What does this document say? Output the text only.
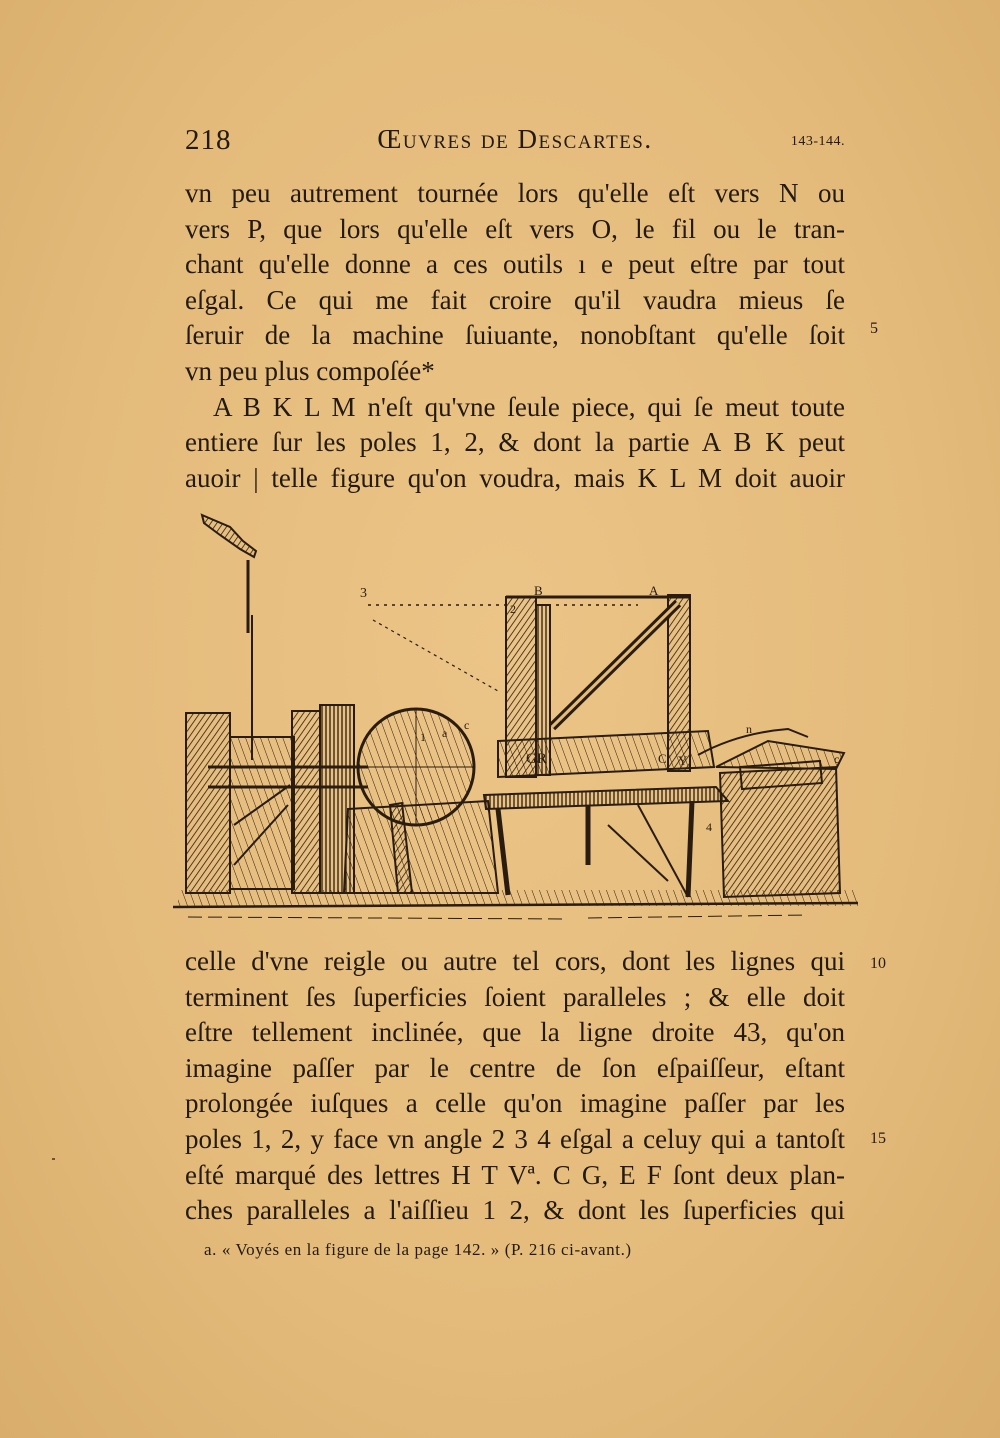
218	Œuvres de Descartes.	143-144.
vn peu autrement tournée lors qu'elle eſt vers N ou
vers P, que lors qu'elle eſt vers O, le fil ou le tran-
chant qu'elle donne a ces outils ı e peut eſtre par tout
eſgal. Ce qui me fait croire qu'il vaudra mieus ſe
ſeruir de la machine ſuiuante, nonobſtant qu'elle ſoit
vn peu plus compoſée*
A B K L M n'eſt qu'vne ſeule piece, qui ſe meut toute
entiere ſur les poles 1, 2, & dont la partie A B K peut
auoir | telle figure qu'on voudra, mais K L M doit auoir
5
3	B	A
2
1 a
c
GR	C Y
4
n
c
celle d'vne reigle ou autre tel cors, dont les lignes qui
terminent ſes ſuperficies ſoient paralleles ; & elle doit
eſtre tellement inclinée, que la ligne droite 43, qu'on
imagine paſſer par le centre de ſon eſpaiſſeur, eſtant
prolongée iuſques a celle qu'on imagine paſſer par les
poles 1, 2, y face vn angle 2 3 4 eſgal a celuy qui a tantoſt
eſté marqué des lettres H T Vª. C G, E F ſont deux plan-
ches paralleles a l'aiſſieu 1 2, & dont les ſuperficies qui
10
15
a. « Voyés en la figure de la page 142. » (P. 216 ci-avant.)
